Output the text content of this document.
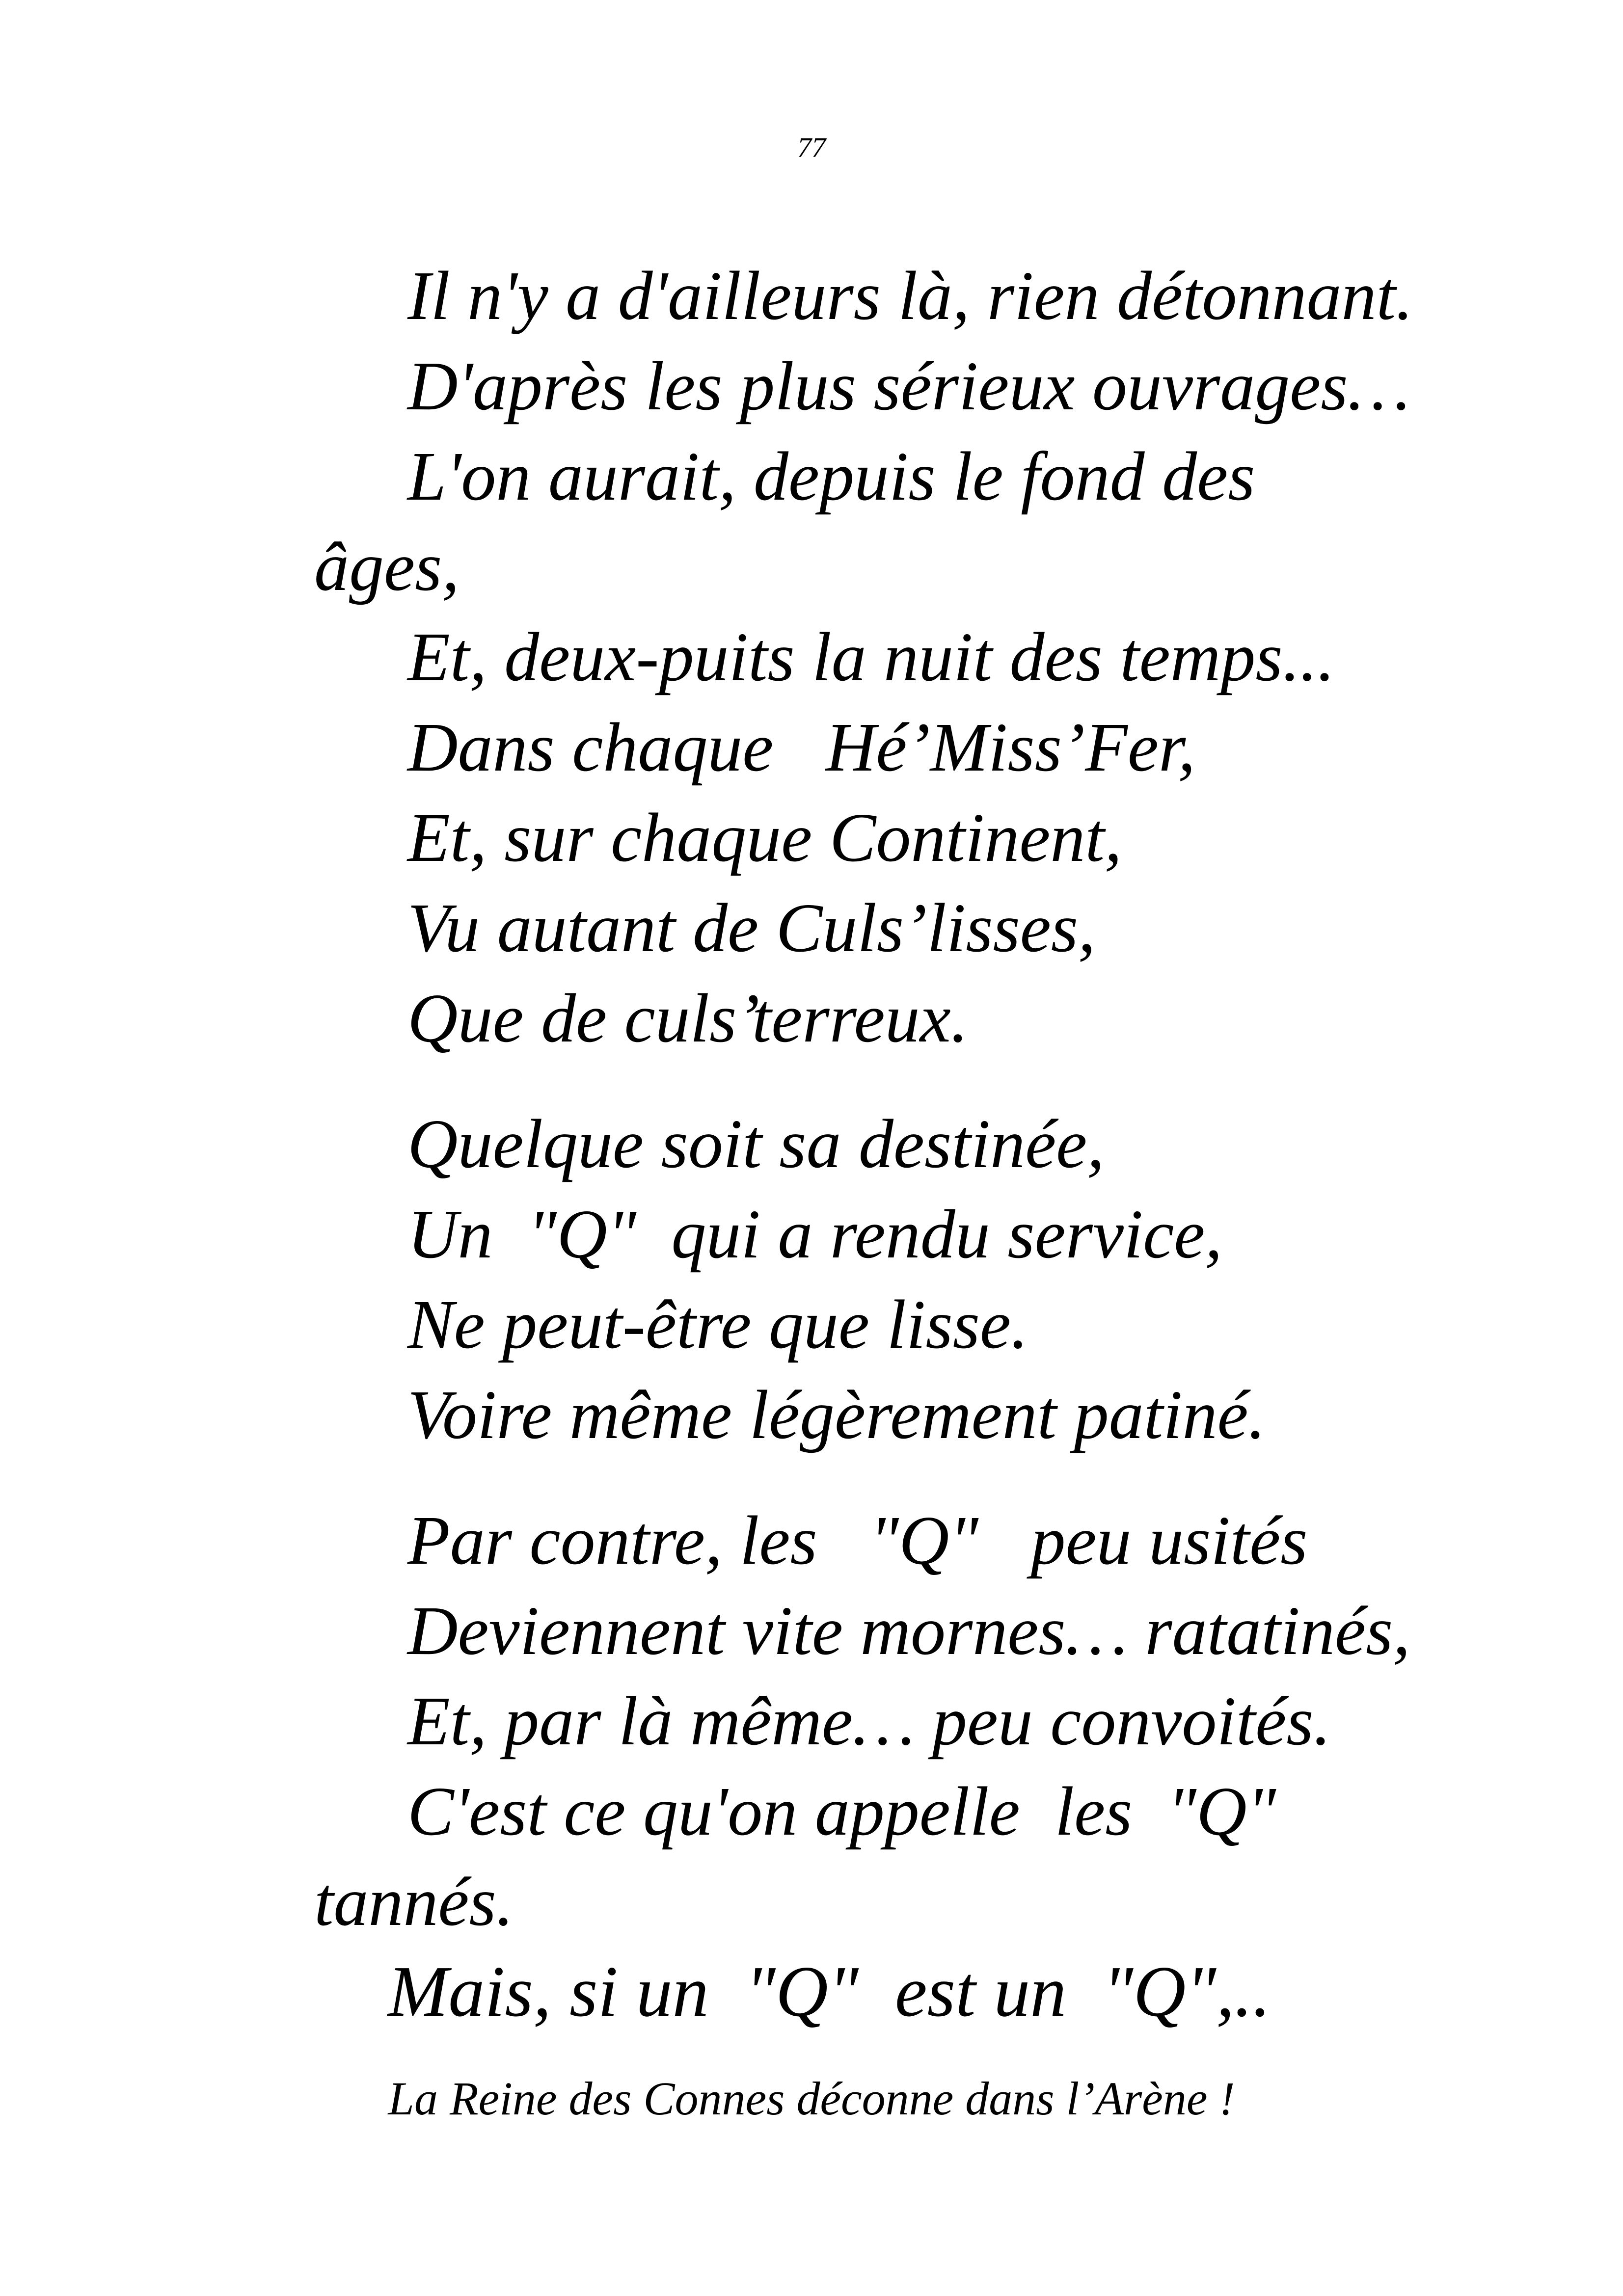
77
Il n'y a d'ailleurs là, rien détonnant.
D'après les plus sérieux ouvrages…
L'on aurait, depuis le fond des
âges,
Et, deux-puits la nuit des temps...
Dans chaque   Hé’Miss’Fer,
Et, sur chaque Continent,
Vu autant de Culs’lisses,
Que de culs’terreux.
Quelque soit sa destinée,
Un  "Q"  qui a rendu service,
Ne peut-être que lisse.
Voire même légèrement patiné.
Par contre, les   "Q"   peu usités
Deviennent vite mornes… ratatinés,
Et, par là même… peu convoités.
C'est ce qu'on appelle  les  "Q"
tannés.
Mais, si un  "Q"  est un  "Q",..
La Reine des Connes déconne dans l’Arène !
